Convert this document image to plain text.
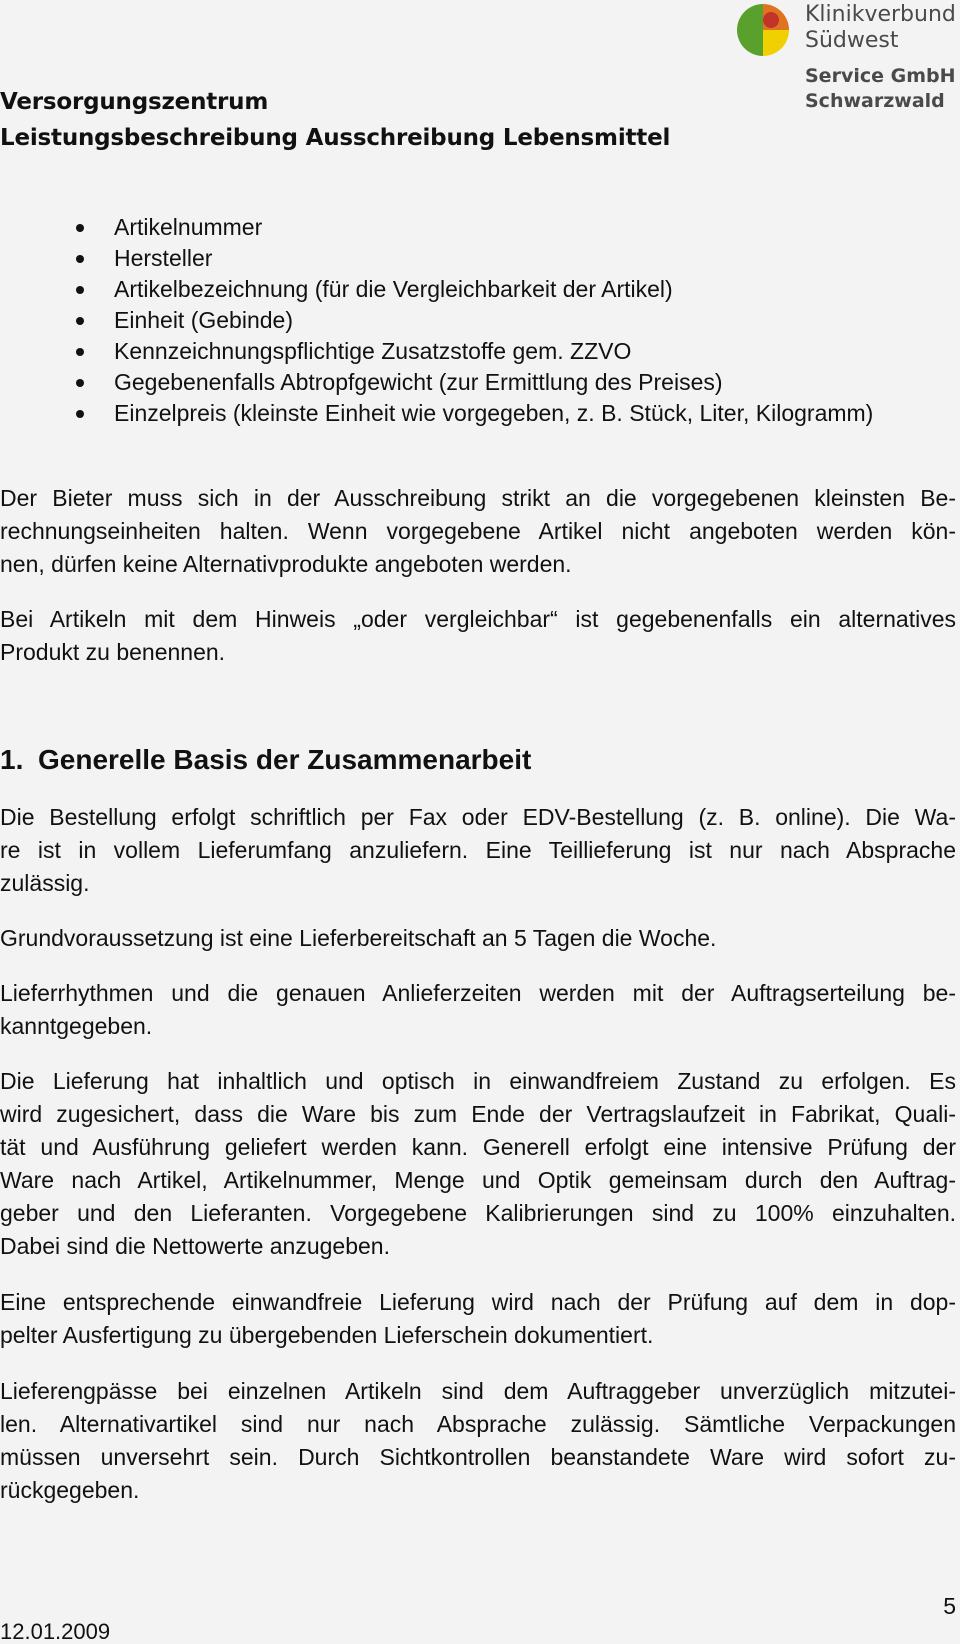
Klinikverbund
Südwest
Service GmbH
Schwarzwald
Versorgungszentrum
Leistungsbeschreibung Ausschreibung Lebensmittel
Artikelnummer
Hersteller
Artikelbezeichnung (für die Vergleichbarkeit der Artikel)
Einheit (Gebinde)
Kennzeichnungspflichtige Zusatzstoffe gem. ZZVO
Gegebenenfalls Abtropfgewicht (zur Ermittlung des Preises)
Einzelpreis (kleinste Einheit wie vorgegeben, z. B. Stück, Liter, Kilogramm)
Der Bieter muss sich in der Ausschreibung strikt an die vorgegebenen kleinsten Be-
rechnungseinheiten halten. Wenn vorgegebene Artikel nicht angeboten werden kön-
nen, dürfen keine Alternativprodukte angeboten werden.
Bei Artikeln mit dem Hinweis „oder vergleichbar“ ist gegebenenfalls ein alternatives
Produkt zu benennen.
1. Generelle Basis der Zusammenarbeit
Die Bestellung erfolgt schriftlich per Fax oder EDV-Bestellung (z. B. online). Die Wa-
re ist in vollem Lieferumfang anzuliefern. Eine Teillieferung ist nur nach Absprache
zulässig.
Grundvoraussetzung ist eine Lieferbereitschaft an 5 Tagen die Woche.
Lieferrhythmen und die genauen Anlieferzeiten werden mit der Auftragserteilung be-
kanntgegeben.
Die Lieferung hat inhaltlich und optisch in einwandfreiem Zustand zu erfolgen. Es
wird zugesichert, dass die Ware bis zum Ende der Vertragslaufzeit in Fabrikat, Quali-
tät und Ausführung geliefert werden kann. Generell erfolgt eine intensive Prüfung der
Ware nach Artikel, Artikelnummer, Menge und Optik gemeinsam durch den Auftrag-
geber und den Lieferanten. Vorgegebene Kalibrierungen sind zu 100% einzuhalten.
Dabei sind die Nettowerte anzugeben.
Eine entsprechende einwandfreie Lieferung wird nach der Prüfung auf dem in dop-
pelter Ausfertigung zu übergebenden Lieferschein dokumentiert.
Lieferengpässe bei einzelnen Artikeln sind dem Auftraggeber unverzüglich mitzutei-
len. Alternativartikel sind nur nach Absprache zulässig. Sämtliche Verpackungen
müssen unversehrt sein. Durch Sichtkontrollen beanstandete Ware wird sofort zu-
rückgegeben.
5
12.01.2009
